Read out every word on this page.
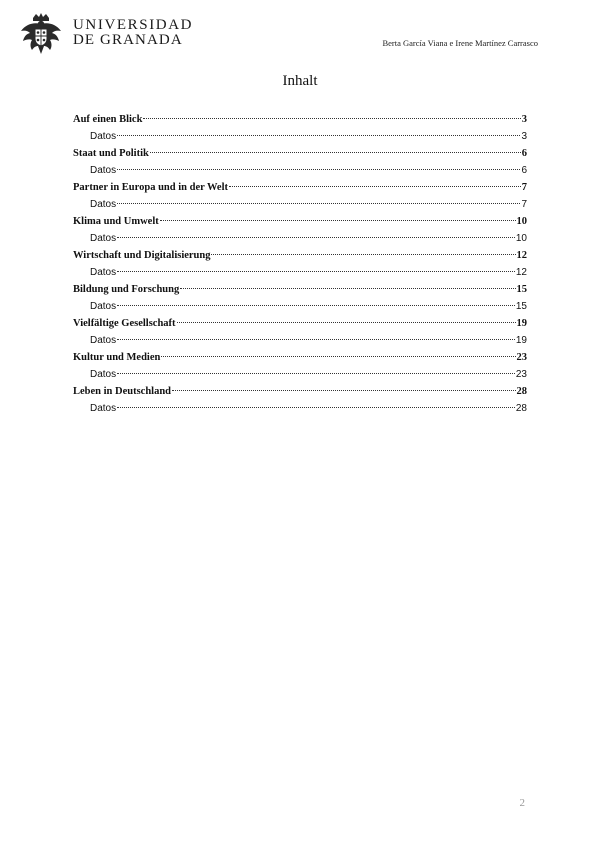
UNIVERSIDAD
DE GRANADA	Berta García Viana e Irene Martínez Carrasco
Inhalt
Auf einen Blick	3
Datos	3
Staat und Politik	6
Datos	6
Partner in Europa und in der Welt	7
Datos	7
Klima und Umwelt	10
Datos	10
Wirtschaft und Digitalisierung	12
Datos	12
Bildung und Forschung	15
Datos	15
Vielfältige Gesellschaft	19
Datos	19
Kultur und Medien	23
Datos	23
Leben in Deutschland	28
Datos	28
2
